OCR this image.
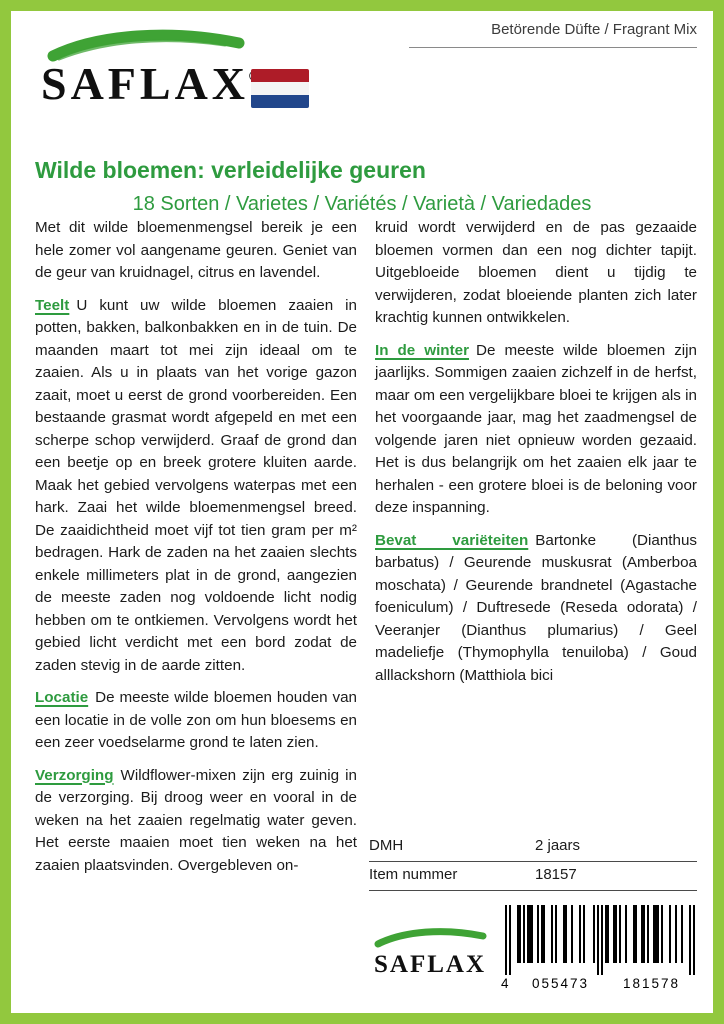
Betörende Düfte / Fragrant Mix
SAFLAX
Wilde bloemen: verleidelijke geuren
18 Sorten / Varietes / Variétés / Varietà / Variedades

Met dit wilde bloemenmengsel bereik je een hele zomer vol aangename geuren. Geniet van de geur van kruidnagel, citrus en lavendel.

Teelt U kunt uw wilde bloemen zaaien in potten, bakken, balkonbakken en in de tuin. De maanden maart tot mei zijn ideaal om te zaaien. Als u in plaats van het vorige gazon zaait, moet u eerst de grond voorbereiden. Een bestaande grasmat wordt afgepeld en met een scherpe schop verwijderd. Graaf de grond dan een beetje op en breek grotere kluiten aarde. Maak het gebied vervolgens waterpas met een hark. Zaai het wilde bloemenmengsel breed. De zaaidichtheid moet vijf tot tien gram per m² bedragen. Hark de zaden na het zaaien slechts enkele millimeters plat in de grond, aangezien de meeste zaden nog voldoende licht nodig hebben om te ontkiemen. Vervolgens wordt het gebied licht verdicht met een bord zodat de zaden stevig in de aarde zitten.

Locatie De meeste wilde bloemen houden van een locatie in de volle zon om hun bloesems en een zeer voedselarme grond te laten zien.

Verzorging Wildflower-mixen zijn erg zuinig in de verzorging. Bij droog weer en vooral in de weken na het zaaien regelmatig water geven. Het eerste maaien moet tien weken na het zaaien plaatsvinden. Overgebleven on-

kruid wordt verwijderd en de pas gezaaide bloemen vormen dan een nog dichter tapijt. Uitgebloeide bloemen dient u tijdig te verwijderen, zodat bloeiende planten zich later krachtig kunnen ontwikkelen.

In de winter De meeste wilde bloemen zijn jaarlijks. Sommigen zaaien zichzelf in de herfst, maar om een vergelijkbare bloei te krijgen als in het voorgaande jaar, mag het zaadmengsel de volgende jaren niet opnieuw worden gezaaid. Het is dus belangrijk om het zaaien elk jaar te herhalen - een grotere bloei is de beloning voor deze inspanning.

Bevat variëteiten Bartonke (Dianthus barbatus) / Geurende muskusrat (Amberboa moschata) / Geurende brandnetel (Agastache foeniculum) / Duftresede (Reseda odorata) / Veeranjer (Dianthus plumarius) / Geel madeliefje (Thymophylla tenuiloba) / Goud alllackshorn (Matthiola bici

DMH	2 jaars
Item nummer	18157
SAFLAX
4	055473	181578
